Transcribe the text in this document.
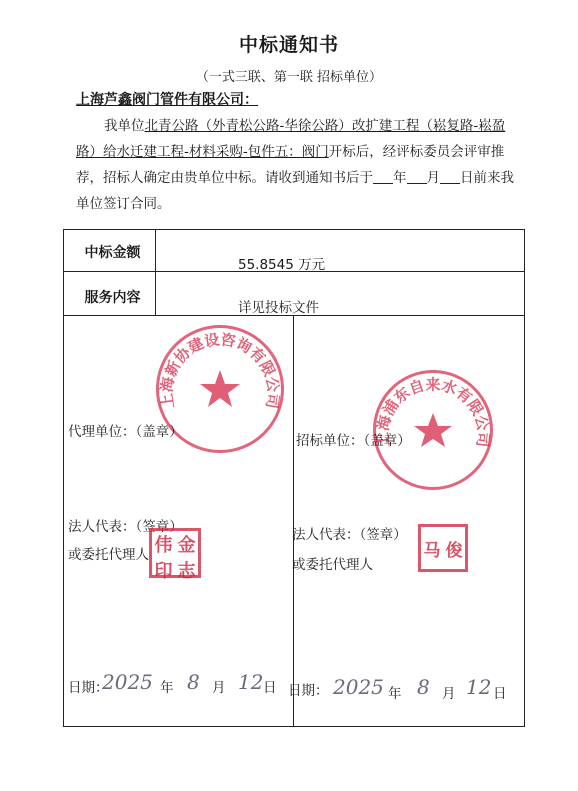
中标通知书
（一式三联、第一联 招标单位）
上海芦鑫阀门管件有限公司：
我单位北青公路（外青松公路-华徐公路）改扩建工程（崧复路-崧盈
路）给水迁建工程-材料采购-包件五：阀门开标后，经评标委员会评审推
荐，招标人确定由贵单位中标。请收到通知书后于 年 月 日前来我
单位签订合同。
中标金额
55.8545 万元
服务内容
详见投标文件
上海新协建设咨询有限公司	浦东自来水有限
代理单位：（盖章）
法人代表：（签章）
或委托代理人 伟 金
印 志
日期：
2025 年 8 月 12 日
招标单位：（盖章）
法人代表：（签章）
或委托代理人
马 俊
日期： 2025 年 8 月 12 日
